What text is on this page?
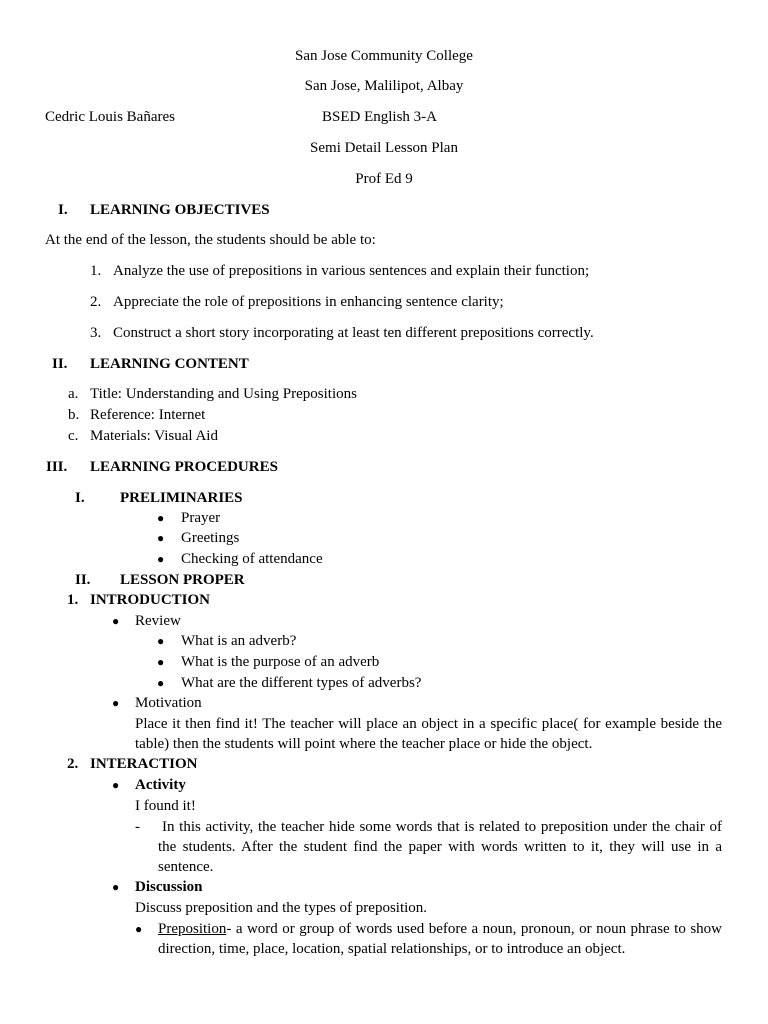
San Jose Community College
San Jose, Malilipot, Albay
Cedric Louis Bañares	BSED English 3-A
Semi Detail Lesson Plan
Prof Ed 9
I. LEARNING OBJECTIVES
At the end of the lesson, the students should be able to:
1. Analyze the use of prepositions in various sentences and explain their function;
2. Appreciate the role of prepositions in enhancing sentence clarity;
3. Construct a short story incorporating at least ten different prepositions correctly.
II. LEARNING CONTENT
a. Title: Understanding and Using Prepositions
b. Reference: Internet
c. Materials: Visual Aid
III. LEARNING PROCEDURES
I. PRELIMINARIES
● Prayer
● Greetings
● Checking of attendance
II. LESSON PROPER
1. INTRODUCTION
● Review
● What is an adverb?
● What is the purpose of an adverb
● What are the different types of adverbs?
● Motivation
Place it then find it! The teacher will place an object in a specific place( for example beside the table) then the students will point where the teacher place or hide the object.
2. INTERACTION
● Activity
I found it!
- In this activity, the teacher hide some words that is related to preposition under the chair of the students. After the student find the paper with words written to it, they will use in a sentence.
● Discussion
Discuss preposition and the types of preposition.
● Preposition- a word or group of words used before a noun, pronoun, or noun phrase to show direction, time, place, location, spatial relationships, or to introduce an object.
